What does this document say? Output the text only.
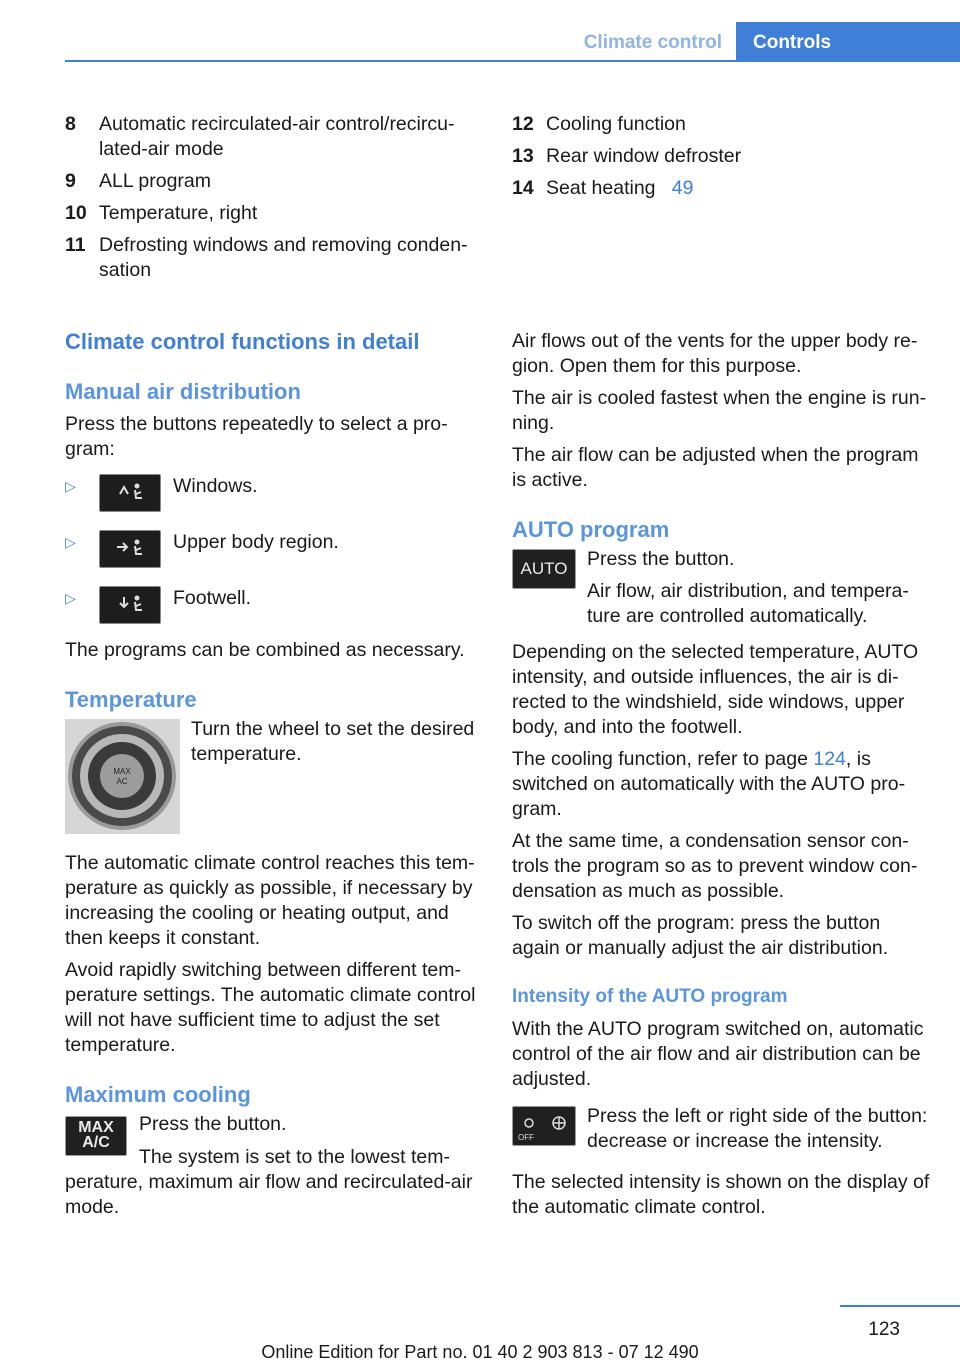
Climate control	Controls
8 Automatic recirculated-air control/recirculated-air mode
9 ALL program
10 Temperature, right
11 Defrosting windows and removing condensation
12 Cooling function
13 Rear window defroster
14 Seat heating 49
Climate control functions in detail
Manual air distribution

Press the buttons repeatedly to select a program:

▷	Windows.
▷	Upper body region.
▷	Footwell.

The programs can be combined as necessary.

Temperature
MAX
AC

Turn the wheel to set the desired temperature.

The automatic climate control reaches this temperature as quickly as possible, if necessary by increasing the cooling or heating output, and then keeps it constant.

Avoid rapidly switching between different temperature settings. The automatic climate control will not have sufficient time to adjust the set temperature.

Maximum cooling
MAX
A/C

Press the button.

The system is set to the lowest temperature, maximum air flow and recirculated-air mode.

Air flows out of the vents for the upper body region. Open them for this purpose.

The air is cooled fastest when the engine is running.

The air flow can be adjusted when the program is active.

AUTO program
AUTO	Press the button.

Air flow, air distribution, and temperature are controlled automatically.

Depending on the selected temperature, AUTO intensity, and outside influences, the air is directed to the windshield, side windows, upper body, and into the footwell.

The cooling function, refer to page 124, is switched on automatically with the AUTO program.

At the same time, a condensation sensor controls the program so as to prevent window condensation as much as possible.

To switch off the program: press the button again or manually adjust the air distribution.

Intensity of the AUTO program

With the AUTO program switched on, automatic control of the air flow and air distribution can be adjusted.

OFF

Press the left or right side of the button: decrease or increase the intensity.

The selected intensity is shown on the display of the automatic climate control.

123
Online Edition for Part no. 01 40 2 903 813 - 07 12 490
